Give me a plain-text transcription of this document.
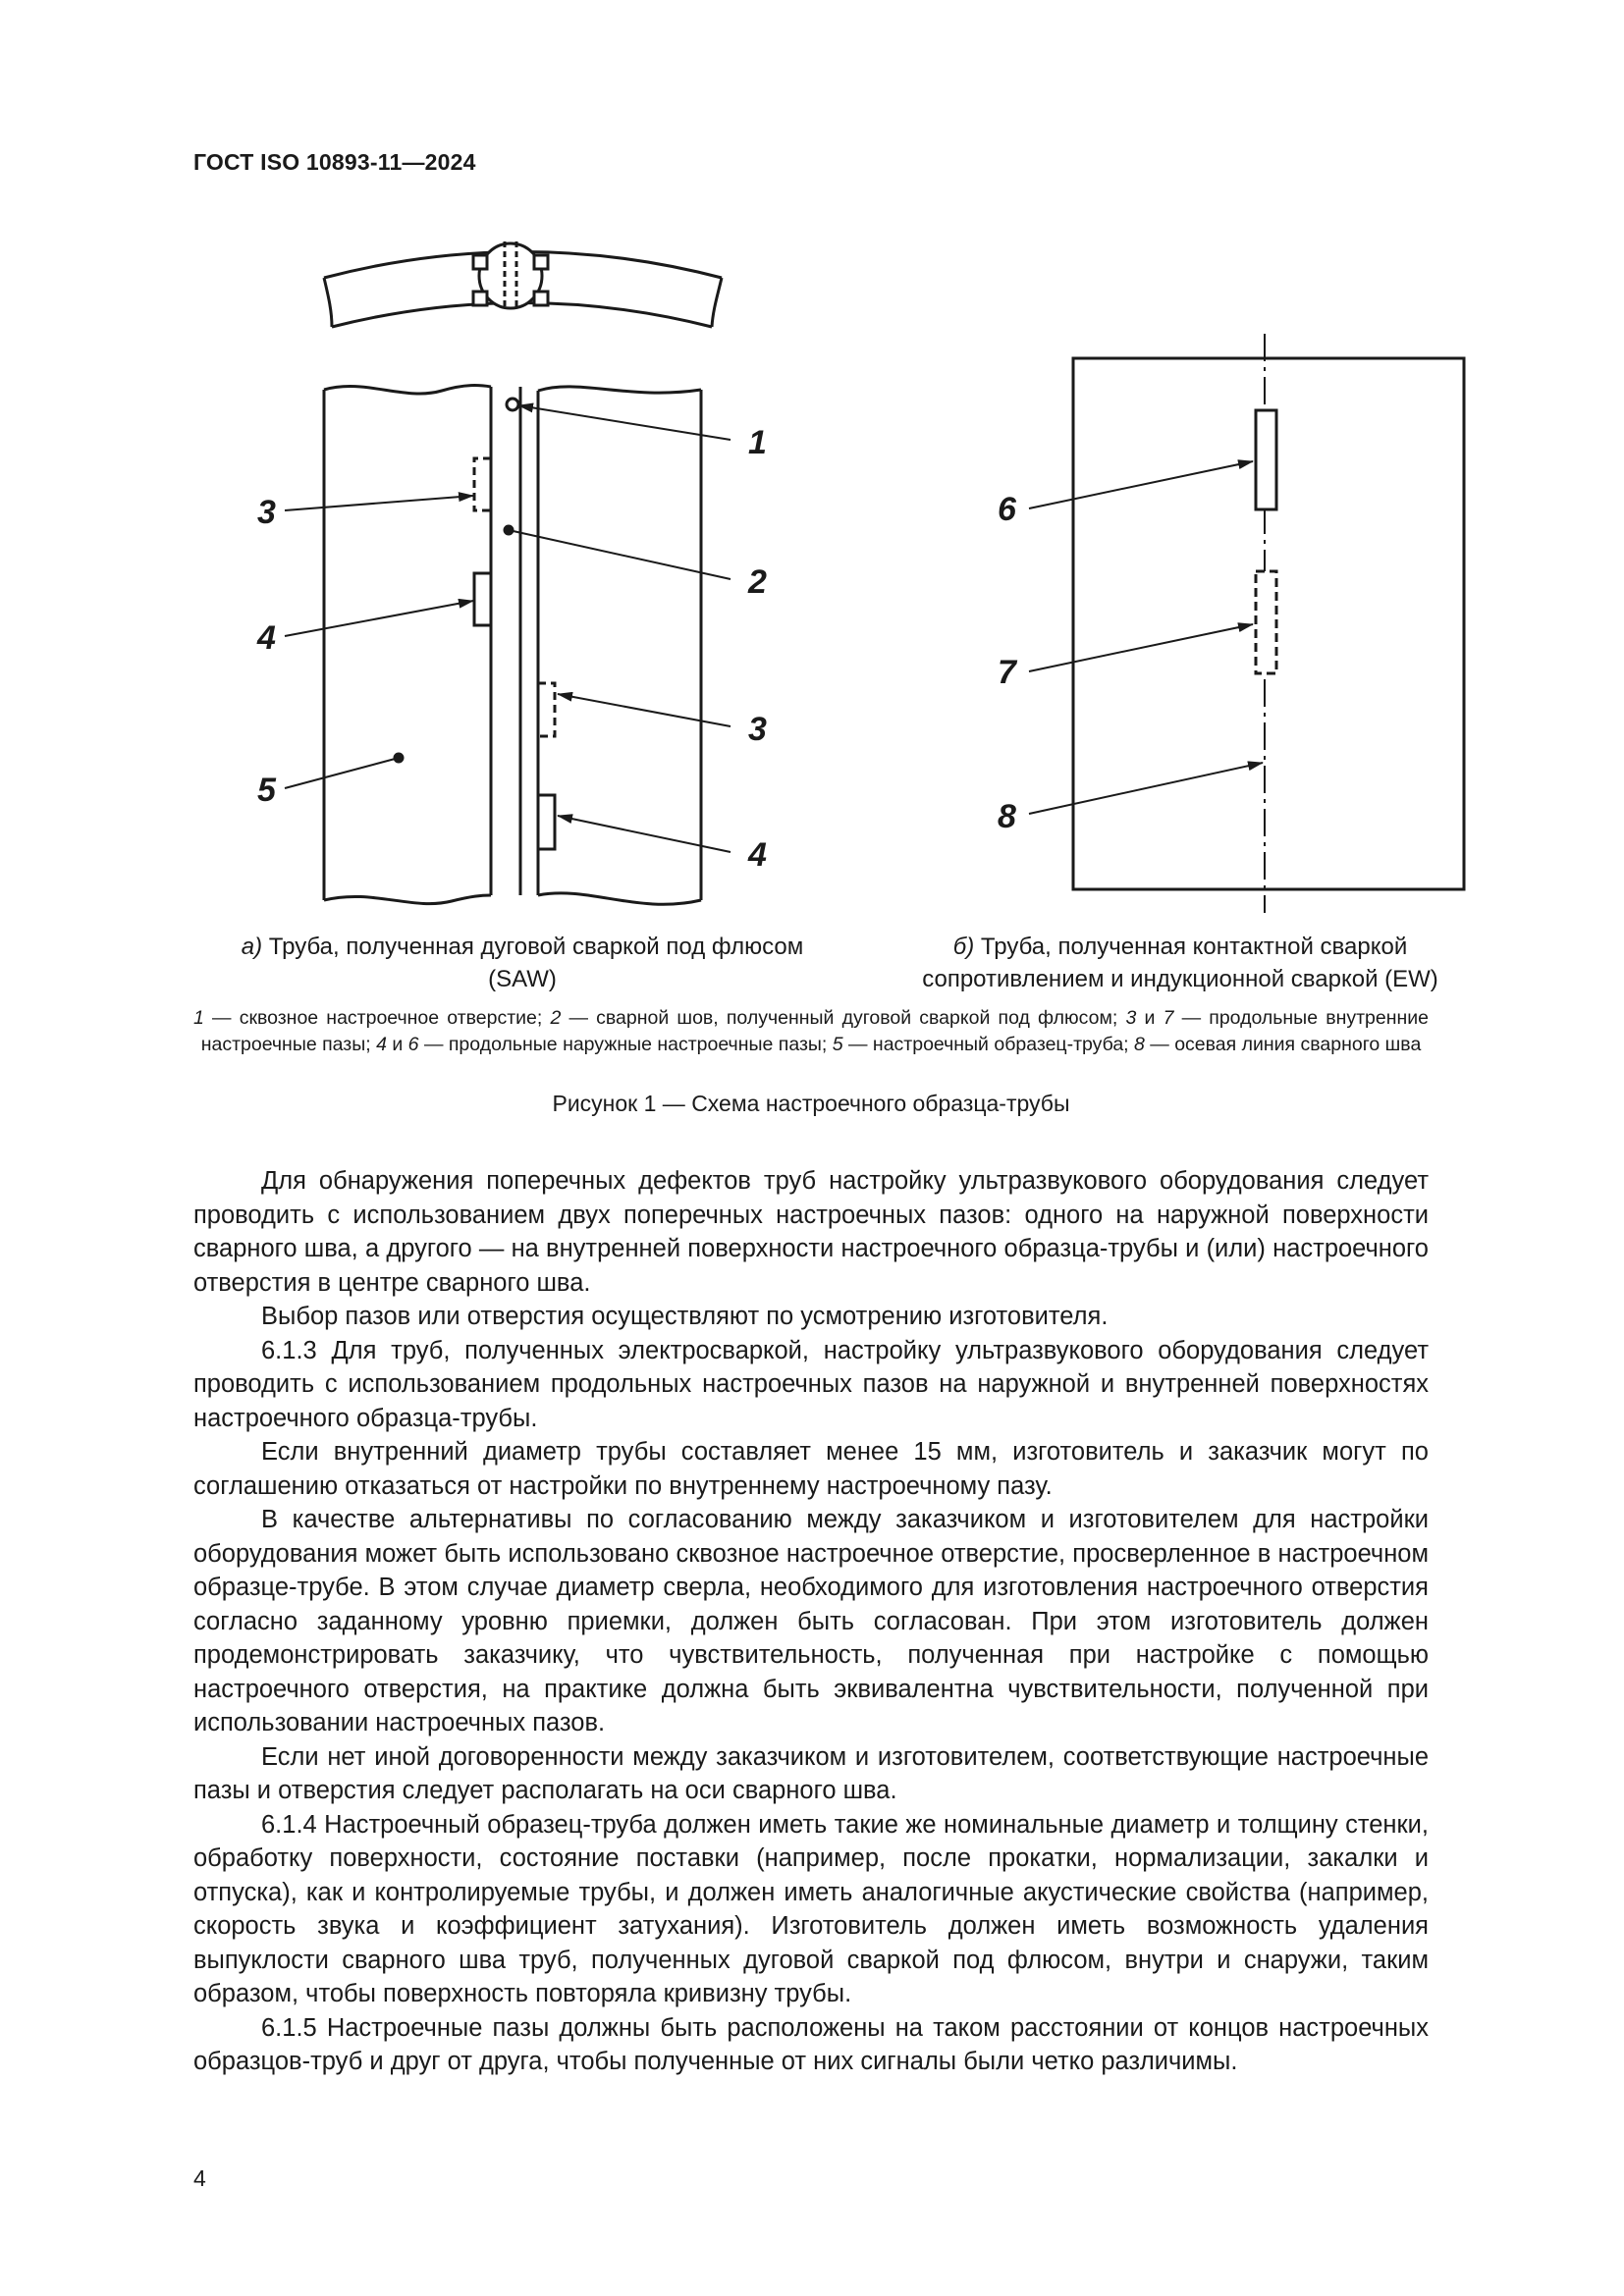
ГОСТ ISO 10893-11—2024
1
2
3
4
5
3
4
6
7
8
а) Труба, полученная дуговой сваркой под флюсом (SAW)
б) Труба, полученная контактной сваркой сопротивлением и индукционной сваркой (EW)
1 — сквозное настроечное отверстие; 2 — сварной шов, полученный дуговой сваркой под флюсом; 3 и 7 — продольные внутренние настроечные пазы; 4 и 6 — продольные наружные настроечные пазы; 5 — настроечный образец-труба; 8 — осевая линия сварного шва
Рисунок 1 — Схема настроечного образца-трубы

Для обнаружения поперечных дефектов труб настройку ультразвукового оборудования следует проводить с использованием двух поперечных настроечных пазов: одного на наружной поверхности сварного шва, а другого — на внутренней поверхности настроечного образца-трубы и (или) настроечного отверстия в центре сварного шва.

Выбор пазов или отверстия осуществляют по усмотрению изготовителя.

6.1.3 Для труб, полученных электросваркой, настройку ультразвукового оборудования следует проводить с использованием продольных настроечных пазов на наружной и внутренней поверхностях настроечного образца-трубы.

Если внутренний диаметр трубы составляет менее 15 мм, изготовитель и заказчик могут по соглашению отказаться от настройки по внутреннему настроечному пазу.

В качестве альтернативы по согласованию между заказчиком и изготовителем для настройки оборудования может быть использовано сквозное настроечное отверстие, просверленное в настроечном образце-трубе. В этом случае диаметр сверла, необходимого для изготовления настроечного отверстия согласно заданному уровню приемки, должен быть согласован. При этом изготовитель должен продемонстрировать заказчику, что чувствительность, полученная при настройке с помощью настроечного отверстия, на практике должна быть эквивалентна чувствительности, полученной при использовании настроечных пазов.

Если нет иной договоренности между заказчиком и изготовителем, соответствующие настроечные пазы и отверстия следует располагать на оси сварного шва.

6.1.4 Настроечный образец-труба должен иметь такие же номинальные диаметр и толщину стенки, обработку поверхности, состояние поставки (например, после прокатки, нормализации, закалки и отпуска), как и контролируемые трубы, и должен иметь аналогичные акустические свойства (например, скорость звука и коэффициент затухания). Изготовитель должен иметь возможность удаления выпуклости сварного шва труб, полученных дуговой сваркой под флюсом, внутри и снаружи, таким образом, чтобы поверхность повторяла кривизну трубы.

6.1.5 Настроечные пазы должны быть расположены на таком расстоянии от концов настроечных образцов-труб и друг от друга, чтобы полученные от них сигналы были четко различимы.

4
